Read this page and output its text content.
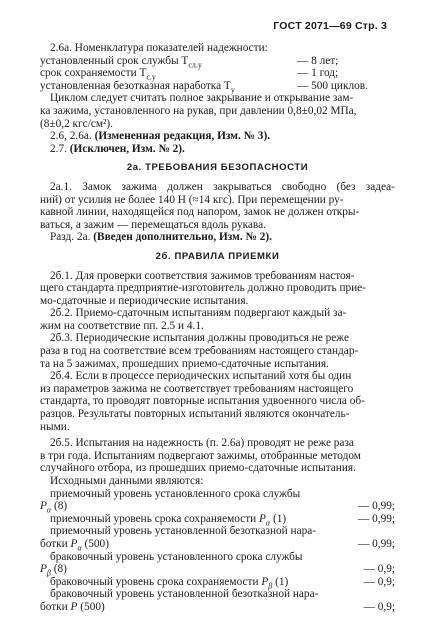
ГОСТ 2071—69 Стр. 3
2.6а. Номенклатура показателей надежности:
установленный срок службы $Т_{сл.у}$	— 8 лет;
срок сохраняемости $Т_{с.у}$	— 1 год;
установленная безотказная наработка $Т_у$	— 500 циклов.
Циклом следует считать полное закрывание и открывание зам-
ка зажима, установленного на рукав, при давлении 0,8±0,02 МПа,
(8±0,2 кгс/см²).
2.6, 2.6а. (Измененная редакция, Изм. № 3).
2.7. (Исключен, Изм. № 2).
2а. ТРЕБОВАНИЯ БЕЗОПАСНОСТИ
2а.1. Замок зажима должен закрываться свободно (без задеа-
ний) от усилия не более 140 Н (≈14 кгс). При перемещении ру-
кавной линии, находящейся под напором, замок не должен откры-
ваться, а зажим — перемещаться вдоль рукава.
Разд. 2а. (Введен дополнительно, Изм. № 2).
2б. ПРАВИЛА ПРИЕМКИ
2б.1. Для проверки соответствия зажимов требованиям настоя-
щего стандарта предприятие-изготовитель должно проводить прие-
мо-сдаточные и периодические испытания.
2б.2. Приемо-сдаточным испытаниям подвергают каждый за-
жим на соответствие пп. 2.5 и 4.1.
2б.3. Периодические испытания должны проводиться не реже
раза в год на соответствие всем требованиям настоящего стандар-
та на 5 зажимах, прошедших приемо-сдаточные испытания.
2б.4. Если в процессе периодических испытаний хотя бы один
из параметров зажима не соответствует требованиям настоящего
стандарта, то проводят повторные испытания удвоенного числа об-
разцов. Результаты повторных испытаний являются окончатель-
ными.
2б.5. Испытания на надежность (п. 2.6а) проводят не реже раза
в три года. Испытаниям подвергают зажимы, отобранные методом
случайного отбора, из прошедших приемо-сдаточные испытания.
Исходными данными являются:
приемочный уровень установленного срока службы
$P_\alpha$ (8)	— 0,99;
приемочный уровень срока сохраняемости $P_\alpha$ (1)	— 0,99;
приемочный уровень установленной безотказной нара-
ботки $P_\alpha$ (500)	— 0,99;
браковочный уровень установленного срока службы
$P_\beta$ (8)	— 0,9;
браковочный уровень срока сохраняемости $P_\beta$ (1)	— 0,9;
браковочный уровень установленной безотказной нара-
ботки P (500)	— 0,9;
